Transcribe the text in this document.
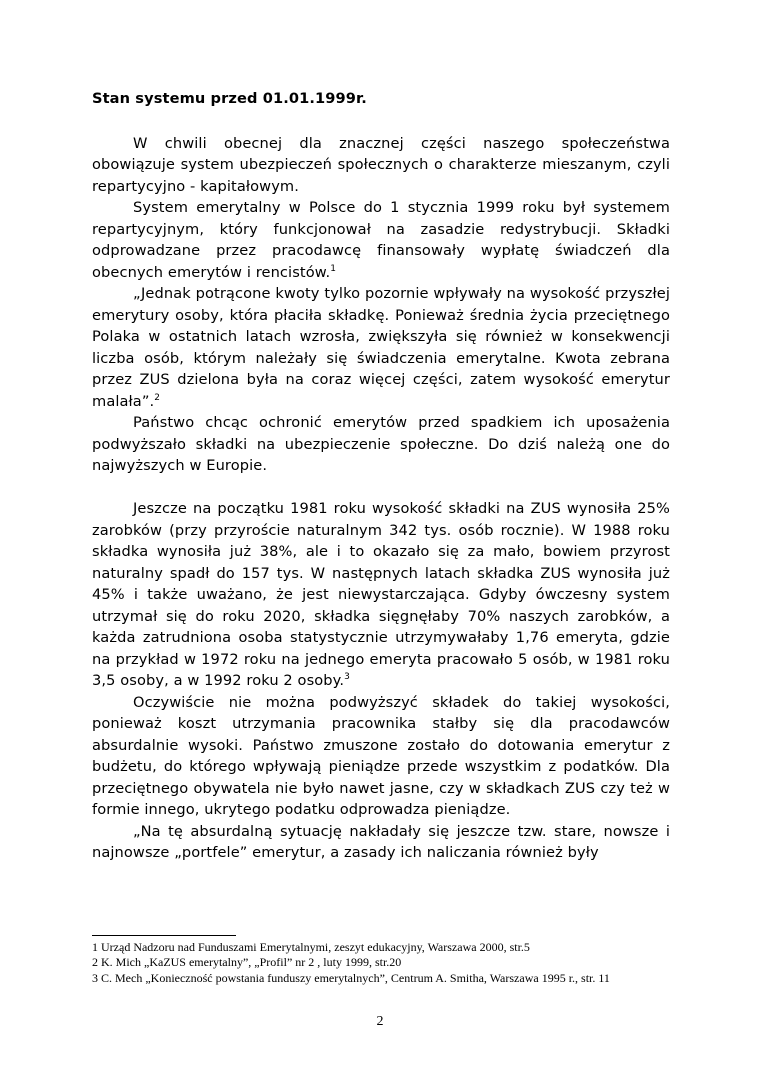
Stan systemu przed 01.01.1999r.

W chwili obecnej dla znacznej części naszego społeczeństwa obowiązuje system ubezpieczeń społecznych o charakterze mieszanym, czyli repartycyjno - kapitałowym.

System emerytalny w Polsce do 1 stycznia 1999 roku był systemem repartycyjnym, który funkcjonował na zasadzie redystrybucji. Składki odprowadzane przez pracodawcę finansowały wypłatę świadczeń dla obecnych emerytów i rencistów.$^1$

„Jednak potrącone kwoty tylko pozornie wpływały na wysokość przyszłej emerytury osoby, która płaciła składkę. Ponieważ średnia życia przeciętnego Polaka w ostatnich latach wzrosła, zwiększyła się również w konsekwencji liczba osób, którym należały się świadczenia emerytalne. Kwota zebrana przez ZUS dzielona była na coraz więcej części, zatem wysokość emerytur malała”.$^2$

Państwo chcąc ochronić emerytów przed spadkiem ich uposażenia podwyższało składki na ubezpieczenie społeczne. Do dziś należą one do najwyższych w Europie.

Jeszcze na początku 1981 roku wysokość składki na ZUS wynosiła 25% zarobków (przy przyroście naturalnym 342 tys. osób rocznie). W 1988 roku składka wynosiła już 38%, ale i to okazało się za mało, bowiem przyrost naturalny spadł do 157 tys. W następnych latach składka ZUS wynosiła już 45% i także uważano, że jest niewystarczająca. Gdyby ówczesny system utrzymał się do roku 2020, składka sięgnęłaby 70% naszych zarobków, a każda zatrudniona osoba statystycznie utrzymywałaby 1,76 emeryta, gdzie na przykład w 1972 roku na jednego emeryta pracowało 5 osób, w 1981 roku 3,5 osoby, a w 1992 roku 2 osoby.$^3$

Oczywiście nie można podwyższyć składek do takiej wysokości, ponieważ koszt utrzymania pracownika stałby się dla pracodawców absurdalnie wysoki. Państwo zmuszone zostało do dotowania emerytur z budżetu, do którego wpływają pieniądze przede wszystkim z podatków. Dla przeciętnego obywatela nie było nawet jasne, czy w składkach ZUS czy też w formie innego, ukrytego podatku odprowadza pieniądze.

„Na tę absurdalną sytuację nakładały się jeszcze tzw. stare, nowsze i najnowsze „portfele” emerytur, a zasady ich naliczania również były

1 Urząd Nadzoru nad Funduszami Emerytalnymi, zeszyt edukacyjny, Warszawa 2000, str.5
2 K. Mich „KaZUS emerytalny”, „Profil” nr 2 , luty 1999, str.20
3 C. Mech „Konieczność powstania funduszy emerytalnych”, Centrum A. Smitha, Warszawa 1995 r., str. 11
2
